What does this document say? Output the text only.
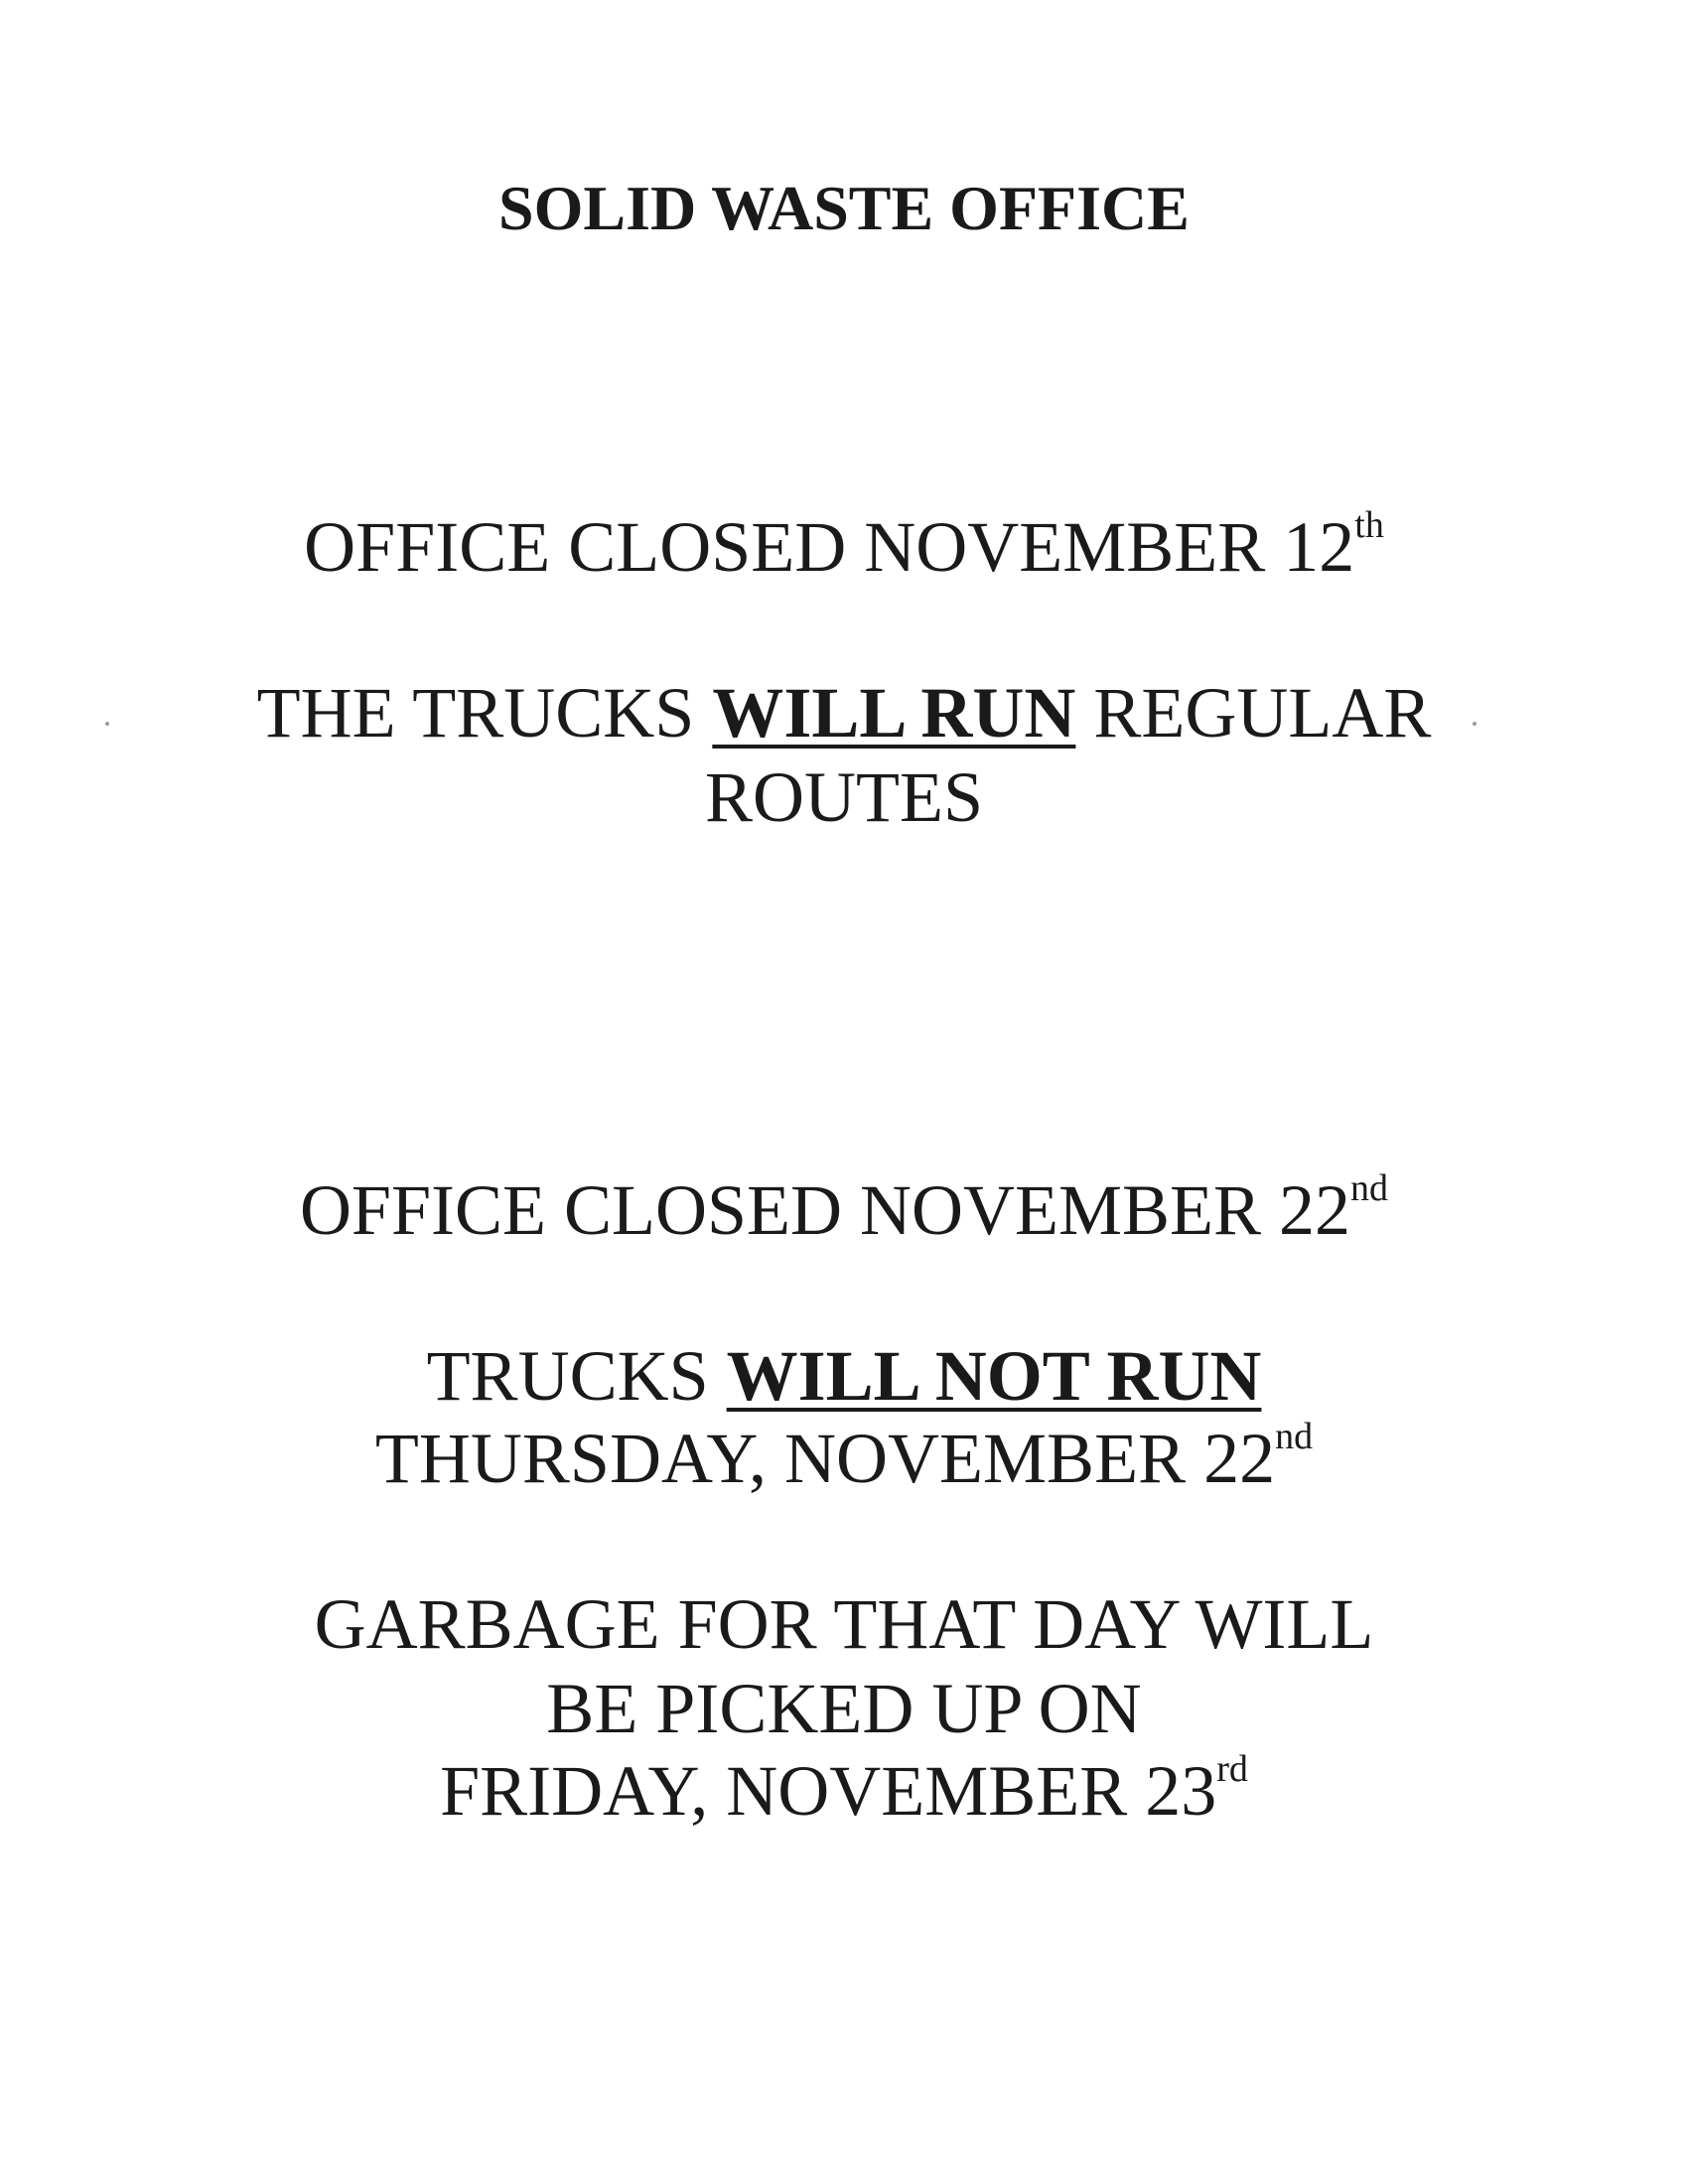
SOLID WASTE OFFICE
OFFICE CLOSED NOVEMBER 12th
THE TRUCKS WILL RUN REGULAR
ROUTES
OFFICE CLOSED NOVEMBER 22nd
TRUCKS WILL NOT RUN
THURSDAY, NOVEMBER 22nd
GARBAGE FOR THAT DAY WILL
BE PICKED UP ON
FRIDAY, NOVEMBER 23rd
